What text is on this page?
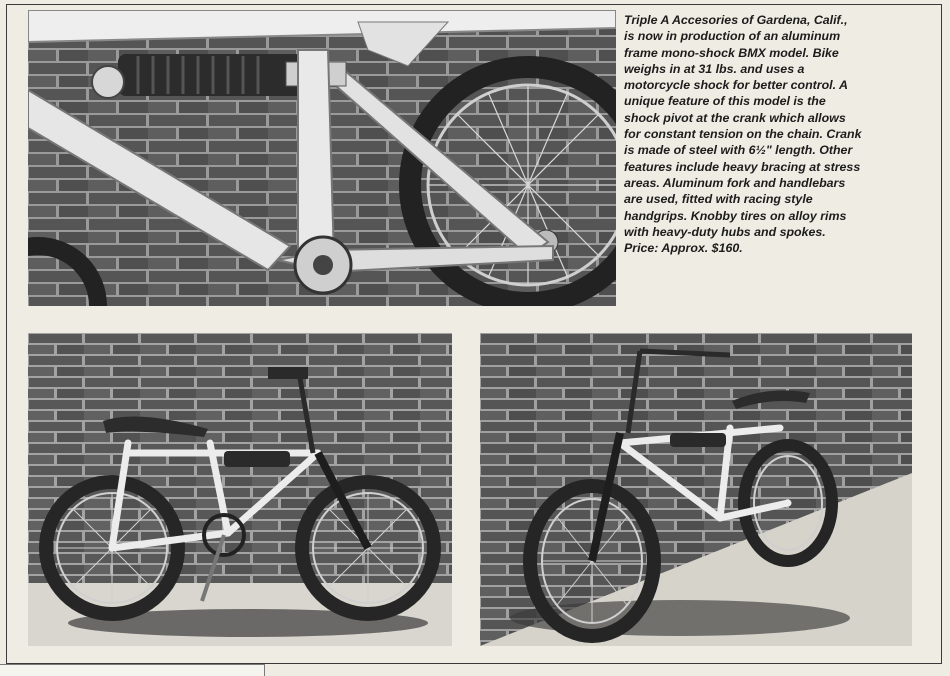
Triple A Accesories of Gardena, Calif.,
is now in production of an aluminum
frame mono-shock BMX model. Bike
weighs in at 31 lbs. and uses a
motorcycle shock for better control. A
unique feature of this model is the
shock pivot at the crank which allows
for constant tension on the chain. Crank
is made of steel with 6½" length. Other
features include heavy bracing at stress
areas. Aluminum fork and handlebars
are used, fitted with racing style
handgrips. Knobby tires on alloy rims
with heavy-duty hubs and spokes.
Price: Approx. $160.
